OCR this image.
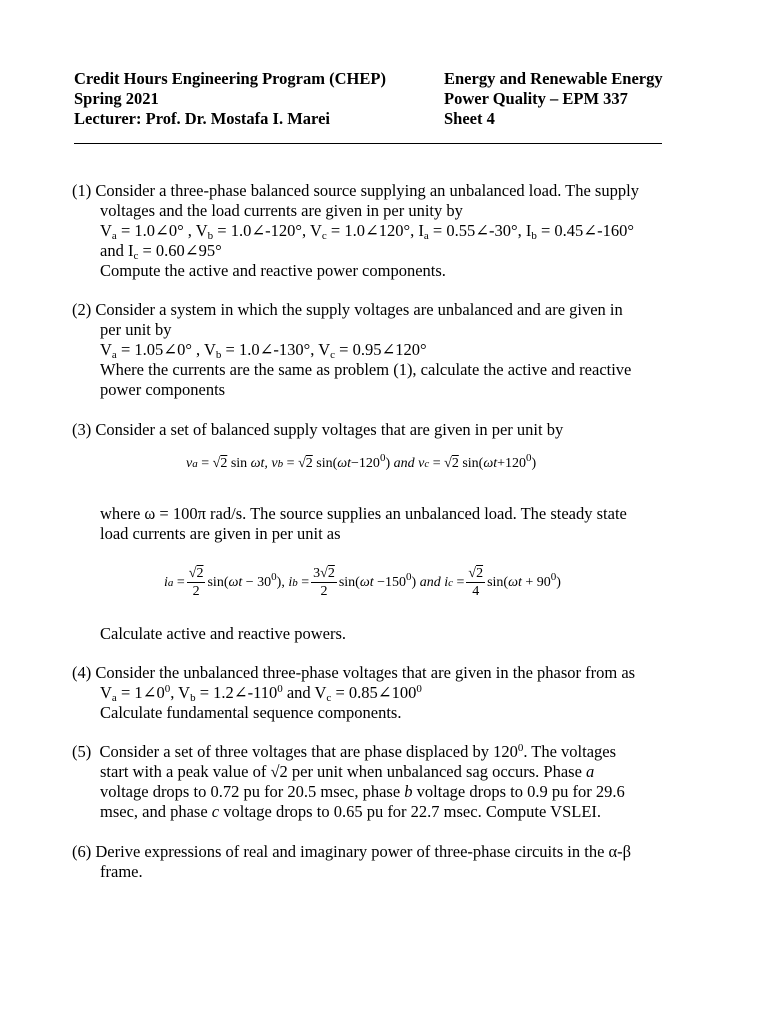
Credit Hours Engineering Program (CHEP)
Spring 2021
Lecturer: Prof. Dr. Mostafa I. Marei
Energy and Renewable Energy
Power Quality – EPM 337
Sheet 4

(1) Consider a three-phase balanced source supplying an unbalanced load. The supply

voltages and the load currents are given in per unity by

$V_a$ = 1.0∠0° , $V_b$ = 1.0∠-120°, $V_c$ = 1.0∠120°, $I_a$ = 0.55∠-30°, $I_b$ = 0.45∠-160°

and $I_c$ = 0.60∠95°

Compute the active and reactive power components.

(2) Consider a system in which the supply voltages are unbalanced and are given in

per unit by

$V_a$ = 1.05∠0° , $V_b$ = 1.0∠-130°, $V_c$ = 0.95∠120°

Where the currents are the same as problem (1), calculate the active and reactive

power components

(3) Consider a set of balanced supply voltages that are given in per unit by

v a
=
√2
sin ωt, v b
=
√2
sin( $\omega t -120^0$) and v c
=
√2
sin( $\omega t +120^0$)

where ω = 100π rad/s. The source supplies an unbalanced load. The steady state

load currents are given in per unit as

i a
= $\frac{√2}{2} \sin$( $\omega t - 30^0$), i b
= $\frac{3√2}{2} \sin$( $\omega t -150^0$) and i c
= $\frac{√2}{4} \sin$( $\omega t + 90^0$)

Calculate active and reactive powers.

(4) Consider the unbalanced three-phase voltages that are given in the phasor from as

$V_a$ = $1\angle 0^0$, $V_b$ = $1.2\angle-110^0$ and $V_c$ = $0.85\angle 100^0$

Calculate fundamental sequence components.

(5) Consider a set of three voltages that are phase displaced by $120^0$. The voltages

start with a peak value of √2 per unit when unbalanced sag occurs. Phase a

voltage drops to 0.72 pu for 20.5 msec, phase b voltage drops to 0.9 pu for 29.6

msec, and phase c voltage drops to 0.65 pu for 22.7 msec. Compute VSLEI.

(6) Derive expressions of real and imaginary power of three-phase circuits in the α-β

frame.
